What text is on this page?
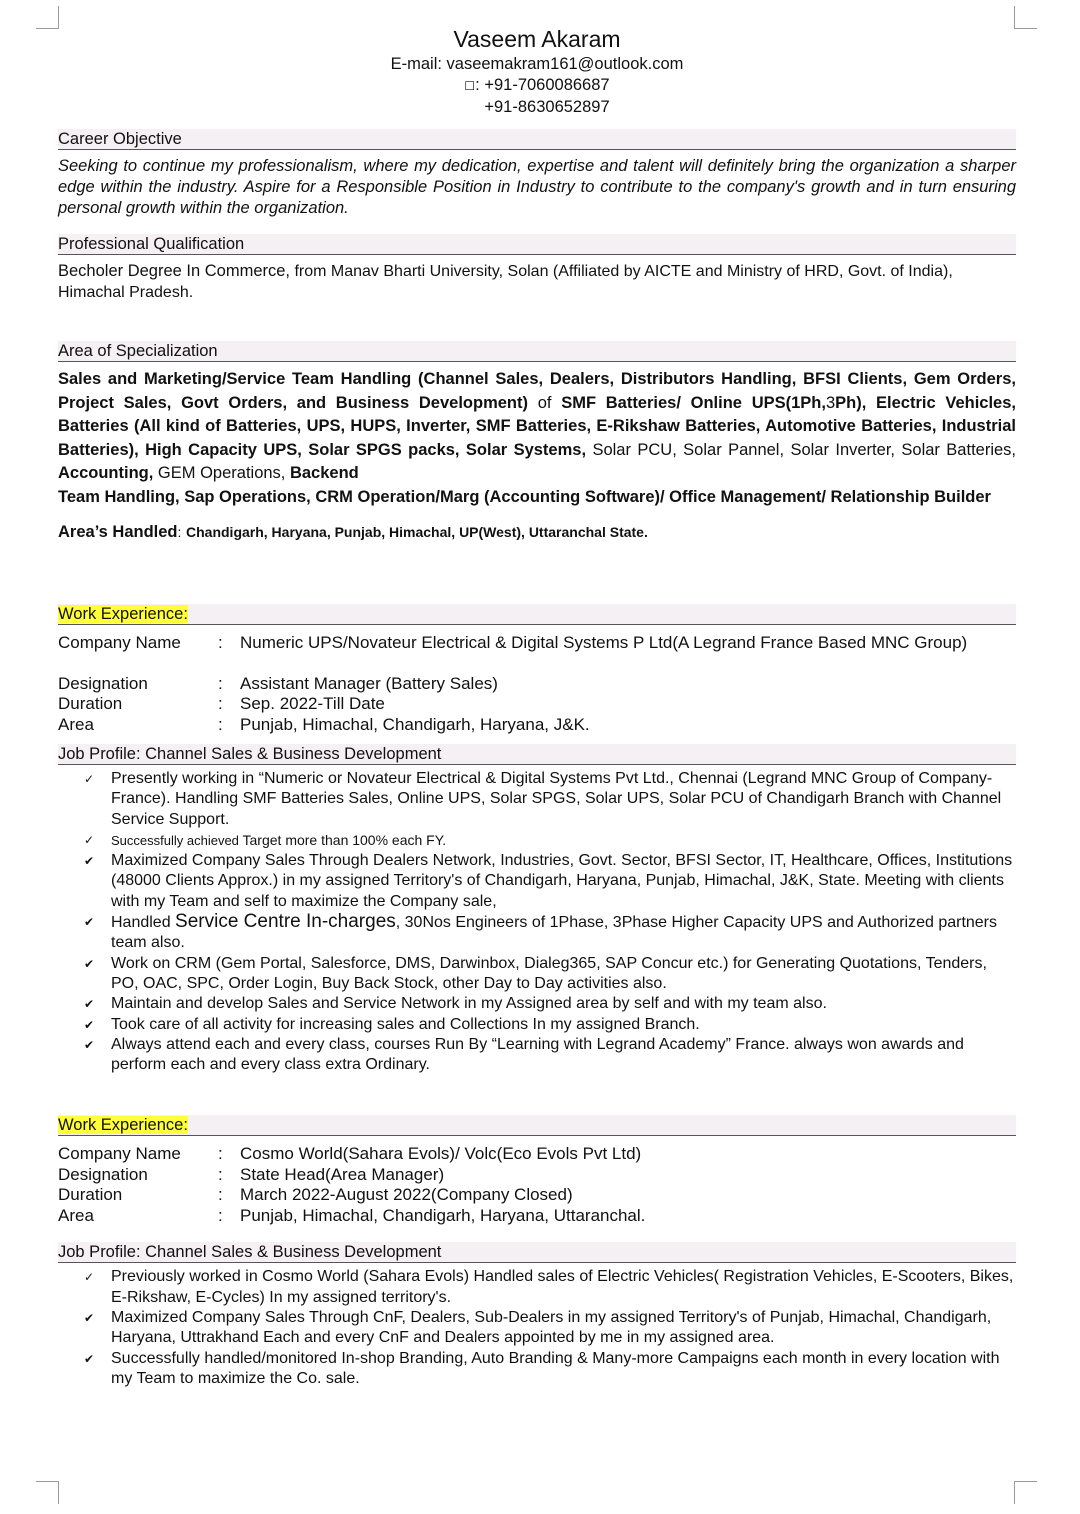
Vaseem Akaram
E-mail: vaseemakram161@outlook.com
☐: +91-7060086687
+91-8630652897
Career Objective
Seeking to continue my professionalism, where my dedication, expertise and talent will definitely bring the organization a sharper edge within the industry. Aspire for a Responsible Position in Industry to contribute to the company's growth and in turn ensuring personal growth within the organization.
Professional Qualification
Becholer Degree In Commerce, from Manav Bharti University, Solan (Affiliated by AICTE and Ministry of HRD, Govt. of India), Himachal Pradesh.
Area of Specialization
Sales and Marketing/Service Team Handling (Channel Sales, Dealers, Distributors Handling, BFSI Clients, Gem Orders, Project Sales, Govt Orders, and Business Development) of SMF Batteries/ Online UPS(1Ph,3Ph), Electric Vehicles, Batteries (All kind of Batteries, UPS, HUPS, Inverter, SMF Batteries, E-Rikshaw Batteries, Automotive Batteries, Industrial Batteries), High Capacity UPS, Solar SPGS packs, Solar Systems, Solar PCU, Solar Pannel, Solar Inverter, Solar Batteries, Accounting, GEM Operations, Backend
Team Handling, Sap Operations, CRM Operation/Marg (Accounting Software)/ Office Management/ Relationship Builder
Area’s Handled: Chandigarh, Haryana, Punjab, Himachal, UP(West), Uttaranchal State.
Work Experience:
Company Name	:	Numeric UPS/Novateur Electrical & Digital Systems P Ltd(A Legrand France Based MNC Group)
Designation	:	Assistant Manager (Battery Sales)
Duration	:	Sep. 2022-Till Date
Area	:	Punjab, Himachal, Chandigarh, Haryana, J&K.
Job Profile: Channel Sales & Business Development
✓ Presently working in “Numeric or Novateur Electrical & Digital Systems Pvt Ltd., Chennai (Legrand MNC Group of Company-France). Handling SMF Batteries Sales, Online UPS, Solar SPGS, Solar UPS, Solar PCU of Chandigarh Branch with Channel Service Support.
✓ Successfully achieved Target more than 100% each FY.
✔ Maximized Company Sales Through Dealers Network, Industries, Govt. Sector, BFSI Sector, IT, Healthcare, Offices, Institutions (48000 Clients Approx.) in my assigned Territory's of Chandigarh, Haryana, Punjab, Himachal, J&K, State. Meeting with clients with my Team and self to maximize the Company sale,
✔ Handled Service Centre In-charges, 30Nos Engineers of 1Phase, 3Phase Higher Capacity UPS and Authorized partners team also.
✔ Work on CRM (Gem Portal, Salesforce, DMS, Darwinbox, Dialeg365, SAP Concur etc.) for Generating Quotations, Tenders, PO, OAC, SPC, Order Login, Buy Back Stock, other Day to Day activities also.
✔ Maintain and develop Sales and Service Network in my Assigned area by self and with my team also.
✔ Took care of all activity for increasing sales and Collections In my assigned Branch.
✔ Always attend each and every class, courses Run By “Learning with Legrand Academy” France. always won awards and perform each and every class extra Ordinary.
Work Experience:
Company Name	:	Cosmo World(Sahara Evols)/ Volc(Eco Evols Pvt Ltd)
Designation	:	State Head(Area Manager)
Duration	:	March 2022-August 2022(Company Closed)
Area	:	Punjab, Himachal, Chandigarh, Haryana, Uttaranchal.
Job Profile: Channel Sales & Business Development
✓ Previously worked in Cosmo World (Sahara Evols) Handled sales of Electric Vehicles( Registration Vehicles, E-Scooters, Bikes, E-Rikshaw, E-Cycles) In my assigned territory's.
✔ Maximized Company Sales Through CnF, Dealers, Sub-Dealers in my assigned Territory's of Punjab, Himachal, Chandigarh, Haryana, Uttrakhand Each and every CnF and Dealers appointed by me in my assigned area.
✔ Successfully handled/monitored In-shop Branding, Auto Branding & Many-more Campaigns each month in every location with my Team to maximize the Co. sale.
